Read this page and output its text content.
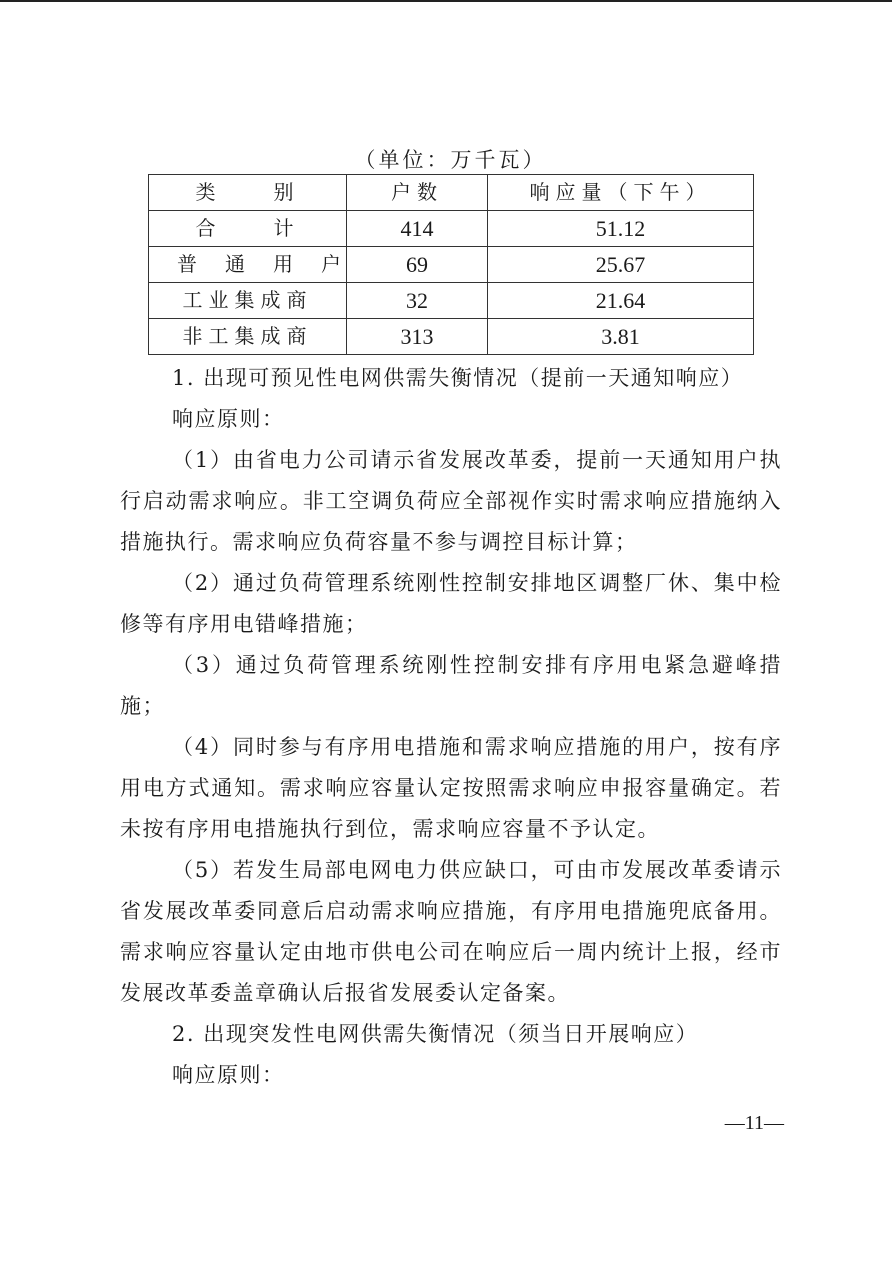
（单位：万千瓦）
类　　别	户数	响应量（下午）
合　　计	414	51.12
普通用户	69	25.67
工业集成商	32	21.64
非工集成商	313	3.81

1. 出现可预见性电网供需失衡情况（提前一天通知响应）

响应原则：

（1）由省电力公司请示省发展改革委，提前一天通知用户执行启动需求响应。非工空调负荷应全部视作实时需求响应措施纳入措施执行。需求响应负荷容量不参与调控目标计算；

（2）通过负荷管理系统刚性控制安排地区调整厂休、集中检修等有序用电错峰措施；

（3）通过负荷管理系统刚性控制安排有序用电紧急避峰措施；

（4）同时参与有序用电措施和需求响应措施的用户，按有序用电方式通知。需求响应容量认定按照需求响应申报容量确定。若未按有序用电措施执行到位，需求响应容量不予认定。

（5）若发生局部电网电力供应缺口，可由市发展改革委请示省发展改革委同意后启动需求响应措施，有序用电措施兜底备用。需求响应容量认定由地市供电公司在响应后一周内统计上报，经市发展改革委盖章确认后报省发展委认定备案。

2. 出现突发性电网供需失衡情况（须当日开展响应）

响应原则：

—11—
